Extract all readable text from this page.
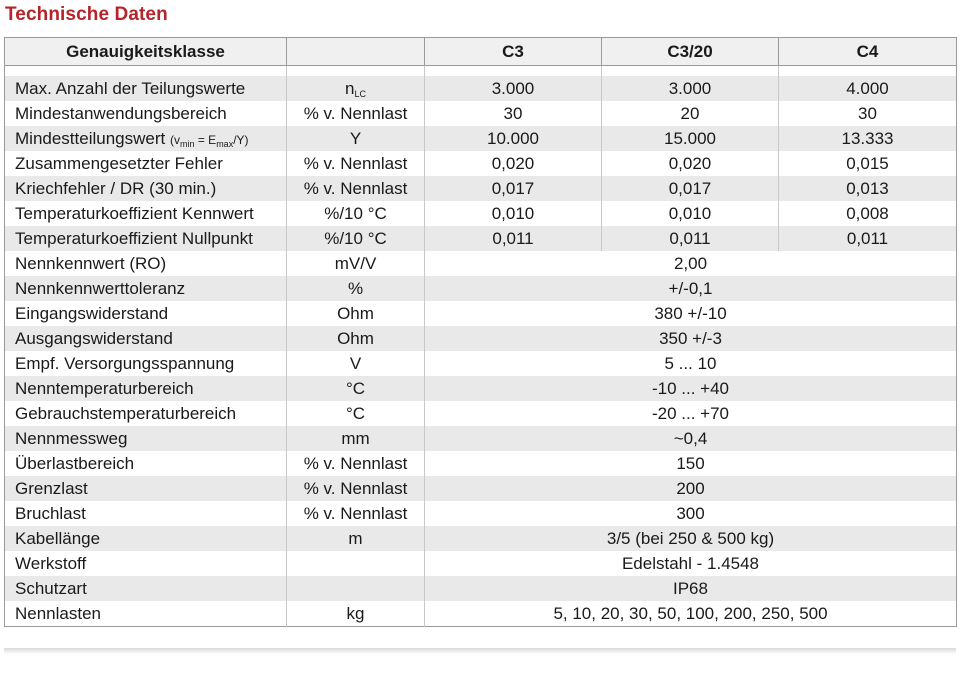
Technische Daten
Genauigkeitsklasse		C3	C3/20	C4

Max. Anzahl der Teilungswerte	$n_{LC}$	3.000	3.000	4.000
Mindestanwendungsbereich	% v. Nennlast	30	20	30
Mindestteilungswert $(v_{min} = E_{max}/Y)$	Y	10.000	15.000	13.333
Zusammengesetzter Fehler	% v. Nennlast	0,020	0,020	0,015
Kriechfehler / DR (30 min.)	% v. Nennlast	0,017	0,017	0,013
Temperaturkoeffizient Kennwert	%/10 °C	0,010	0,010	0,008
Temperaturkoeffizient Nullpunkt	%/10 °C	0,011	0,011	0,011
Nennkennwert (RO)	mV/V	2,00		
Nennkennwerttoleranz	%	+/-0,1		
Eingangswiderstand	Ohm	380 +/-10		
Ausgangswiderstand	Ohm	350 +/-3		
Empf. Versorgungsspannung	V	5 ... 10		
Nenntemperaturbereich	°C	-10 ... +40		
Gebrauchstemperaturbereich	°C	-20 ... +70		
Nennmessweg	mm	~0,4		
Überlastbereich	% v. Nennlast	150		
Grenzlast	% v. Nennlast	200		
Bruchlast	% v. Nennlast	300		
Kabellänge	m	3/5 (bei 250 & 500 kg)		
Werkstoff		Edelstahl - 1.4548		
Schutzart		IP68		
Nennlasten	kg	5, 10, 20, 30, 50, 100, 200, 250, 500		
